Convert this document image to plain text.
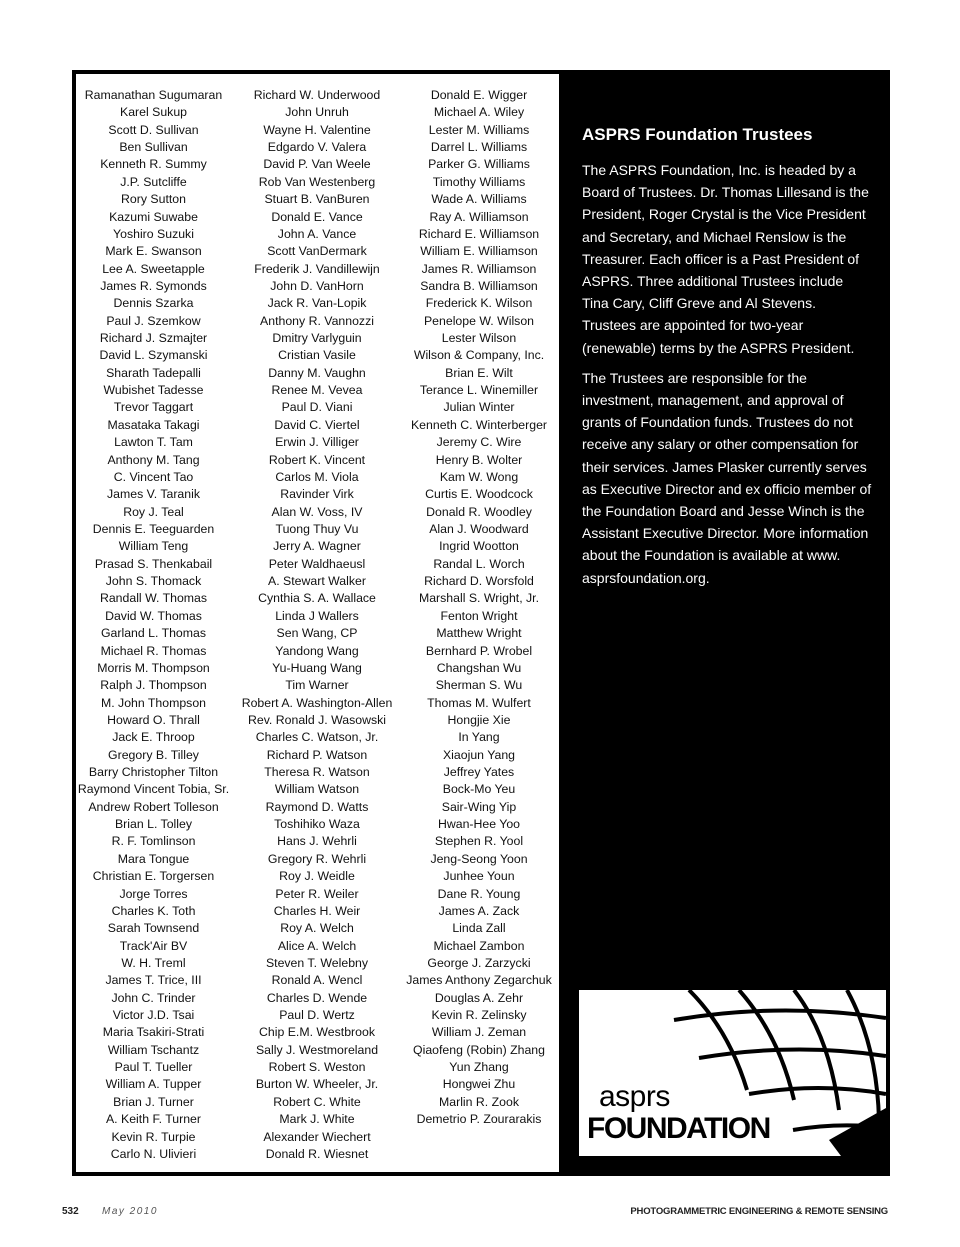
Ramanathan Sugumaran
Karel Sukup
Scott D. Sullivan
Ben Sullivan
Kenneth R. Summy
J.P. Sutcliffe
Rory Sutton
Kazumi Suwabe
Yoshiro Suzuki
Mark E. Swanson
Lee A. Sweetapple
James R. Symonds
Dennis Szarka
Paul J. Szemkow
Richard J. Szmajter
David L. Szymanski
Sharath Tadepalli
Wubishet Tadesse
Trevor Taggart
Masataka Takagi
Lawton T. Tam
Anthony M. Tang
C. Vincent Tao
James V. Taranik
Roy J. Teal
Dennis E. Teeguarden
William Teng
Prasad S. Thenkabail
John S. Thomack
Randall W. Thomas
David W. Thomas
Garland L. Thomas
Michael R. Thomas
Morris M. Thompson
Ralph J. Thompson
M. John Thompson
Howard O. Thrall
Jack E. Throop
Gregory B. Tilley
Barry Christopher Tilton
Raymond Vincent Tobia, Sr.
Andrew Robert Tolleson
Brian L. Tolley
R. F. Tomlinson
Mara Tongue
Christian E. Torgersen
Jorge Torres
Charles K. Toth
Sarah Townsend
Track'Air BV
W. H. Treml
James T. Trice, III
John C. Trinder
Victor J.D. Tsai
Maria Tsakiri-Strati
William Tschantz
Paul T. Tueller
William A. Tupper
Brian J. Turner
A. Keith F. Turner
Kevin R. Turpie
Carlo N. Ulivieri
Richard W. Underwood
John Unruh
Wayne H. Valentine
Edgardo V. Valera
David P. Van Weele
Rob Van Westenberg
Stuart B. VanBuren
Donald E. Vance
John A. Vance
Scott VanDermark
Frederik J. Vandillewijn
John D. VanHorn
Jack R. Van-Lopik
Anthony R. Vannozzi
Dmitry Varlyguin
Cristian Vasile
Danny M. Vaughn
Renee M. Vevea
Paul D. Viani
David C. Viertel
Erwin J. Villiger
Robert K. Vincent
Carlos M. Viola
Ravinder Virk
Alan W. Voss, IV
Tuong Thuy Vu
Jerry A. Wagner
Peter Waldhaeusl
A. Stewart Walker
Cynthia S. A. Wallace
Linda J Wallers
Sen Wang, CP
Yandong Wang
Yu-Huang Wang
Tim Warner
Robert A. Washington-Allen
Rev. Ronald J. Wasowski
Charles C. Watson, Jr.
Richard P. Watson
Theresa R. Watson
William Watson
Raymond D. Watts
Toshihiko Waza
Hans J. Wehrli
Gregory R. Wehrli
Roy J. Weidle
Peter R. Weiler
Charles H. Weir
Roy A. Welch
Alice A. Welch
Steven T. Welebny
Ronald A. Wencl
Charles D. Wende
Paul D. Wertz
Chip E.M. Westbrook
Sally J. Westmoreland
Robert S. Weston
Burton W. Wheeler, Jr.
Robert C. White
Mark J. White
Alexander Wiechert
Donald R. Wiesnet
Donald E. Wigger
Michael A. Wiley
Lester M. Williams
Darrel L. Williams
Parker G. Williams
Timothy Williams
Wade A. Williams
Ray A. Williamson
Richard E. Williamson
William E. Williamson
James R. Williamson
Sandra B. Williamson
Frederick K. Wilson
Penelope W. Wilson
Lester Wilson
Wilson & Company, Inc.
Brian E. Wilt
Terance L. Winemiller
Julian Winter
Kenneth C. Winterberger
Jeremy C. Wire
Henry B. Wolter
Kam W. Wong
Curtis E. Woodcock
Donald R. Woodley
Alan J. Woodward
Ingrid Wootton
Randal L. Worch
Richard D. Worsfold
Marshall S. Wright, Jr.
Fenton Wright
Matthew Wright
Bernhard P. Wrobel
Changshan Wu
Sherman S. Wu
Thomas M. Wulfert
Hongjie Xie
In Yang
Xiaojun Yang
Jeffrey Yates
Bock-Mo Yeu
Sair-Wing Yip
Hwan-Hee Yoo
Stephen R. Yool
Jeng-Seong Yoon
Junhee Youn
Dane R. Young
James A. Zack
Linda Zall
Michael Zambon
George J. Zarzycki
James Anthony Zegarchuk
Douglas A. Zehr
Kevin R. Zelinsky
William J. Zeman
Qiaofeng (Robin) Zhang
Yun Zhang
Hongwei Zhu
Marlin R. Zook
Demetrio P. Zourarakis
ASPRS Foundation Trustees

The ASPRS Foundation, Inc. is headed by a Board of Trustees. Dr. Thomas Lillesand is the President, Roger Crystal is the Vice President and Secretary, and Michael Renslow is the Treasurer. Each officer is a Past President of ASPRS. Three additional Trustees include Tina Cary, Cliff Greve and Al Stevens. Trustees are appointed for two-year (renewable) terms by the ASPRS President.

The Trustees are responsible for the investment, management, and approval of grants of Foundation funds. Trustees do not receive any salary or other compensation for their services. James Plasker currently serves as Executive Director and ex officio member of the Foundation Board and Jesse Winch is the Assistant Executive Director. More information about the Foundation is available at www. asprsfoundation.org.

asprs
FOUNDATION
532 May 2010	PHOTOGRAMMETRIC ENGINEERING & REMOTE SENSING
